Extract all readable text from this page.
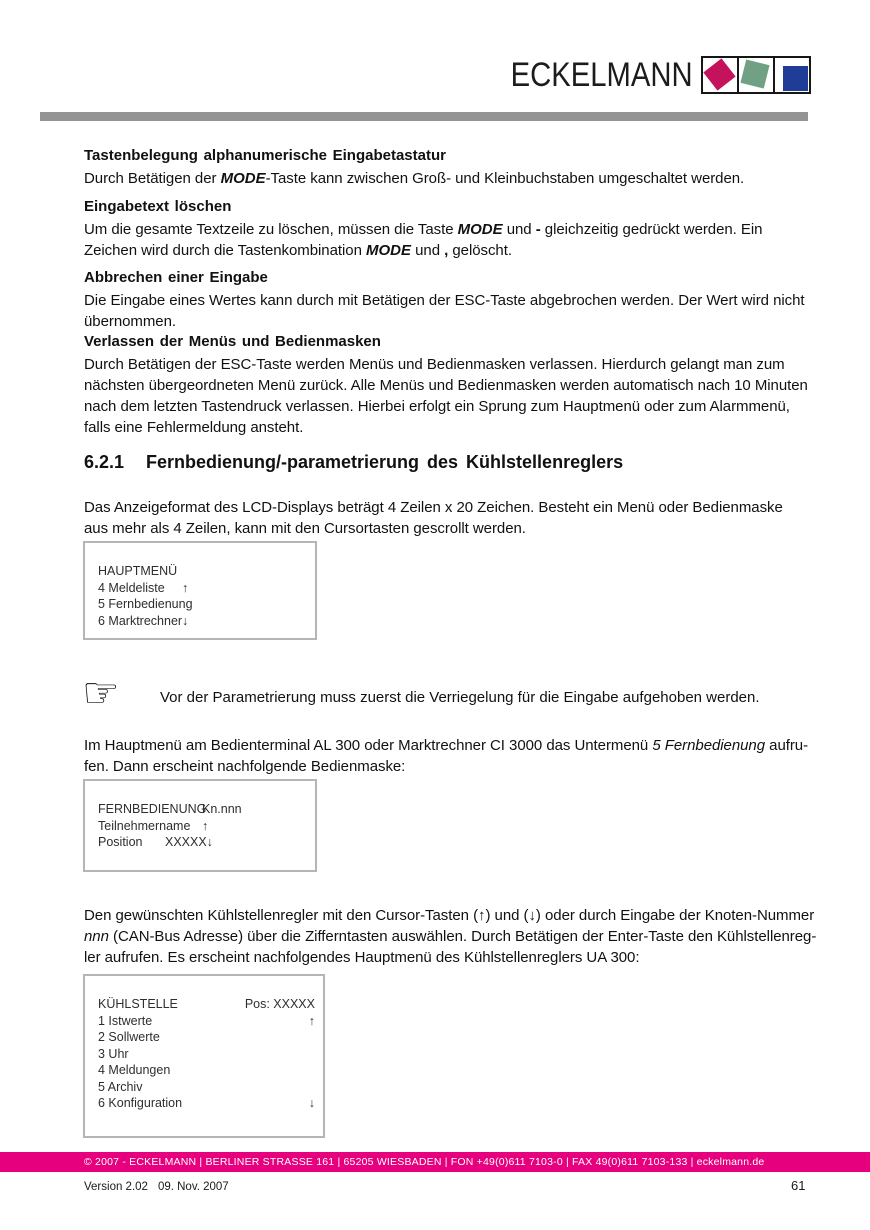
ECKELMANN
Tastenbelegung alphanumerische Eingabetastatur
Durch Betätigen der MODE-Taste kann zwischen Groß- und Kleinbuchstaben umgeschaltet werden.
Eingabetext löschen
Um die gesamte Textzeile zu löschen, müssen die Taste MODE und - gleichzeitig gedrückt werden. Ein Zeichen wird durch die Tastenkombination MODE und , gelöscht.
Abbrechen einer Eingabe
Die Eingabe eines Wertes kann durch mit Betätigen der ESC-Taste abgebrochen werden. Der Wert wird nicht übernommen.
Verlassen der Menüs und Bedienmasken
Durch Betätigen der ESC-Taste werden Menüs und Bedienmasken verlassen. Hierdurch gelangt man zum nächsten übergeordneten Menü zurück. Alle Menüs und Bedienmasken werden automatisch nach 10 Minuten nach dem letzten Tastendruck verlassen. Hierbei erfolgt ein Sprung zum Hauptmenü oder zum Alarmmenü, falls eine Fehlermeldung ansteht.
6.2.1 Fernbedienung/-parametrierung des Kühlstellenreglers
Das Anzeigeformat des LCD-Displays beträgt 4 Zeilen x 20 Zeichen. Besteht ein Menü oder Bedienmaske aus mehr als 4 Zeilen, kann mit den Cursortasten gescrollt werden.
HAUPTMENÜ
4 Meldeliste ↑
5 Fernbedienung
6 Marktrechner↓
☞	Vor der Parametrierung muss zuerst die Verriegelung für die Eingabe aufgehoben werden.
Im Hauptmenü am Bedienterminal AL 300 oder Marktrechner CI 3000 das Untermenü 5 Fernbedienung aufru-
fen. Dann erscheint nachfolgende Bedienmaske:
FERNBEDIENUNGKn.nnn
Teilnehmername ↑
Position XXXXX↓
Den gewünschten Kühlstellenregler mit den Cursor-Tasten (↑) und (↓) oder durch Eingabe der Knoten-Nummer
nnn (CAN-Bus Adresse) über die Zifferntasten auswählen. Durch Betätigen der Enter-Taste den Kühlstellenreg-
ler aufrufen. Es erscheint nachfolgendes Hauptmenü des Kühlstellenreglers UA 300:
KÜHLSTELLE	Pos: XXXXX
1 Istwerte	↑
2 Sollwerte
3 Uhr
4 Meldungen
5 Archiv
6 Konfiguration	↓
© 2007 - ECKELMANN | BERLINER STRASSE 161 | 65205 WIESBADEN | FON +49(0)611 7103-0 | FAX 49(0)611 7103-133 | eckelmann.de
Version 2.02 09. Nov. 2007	61
